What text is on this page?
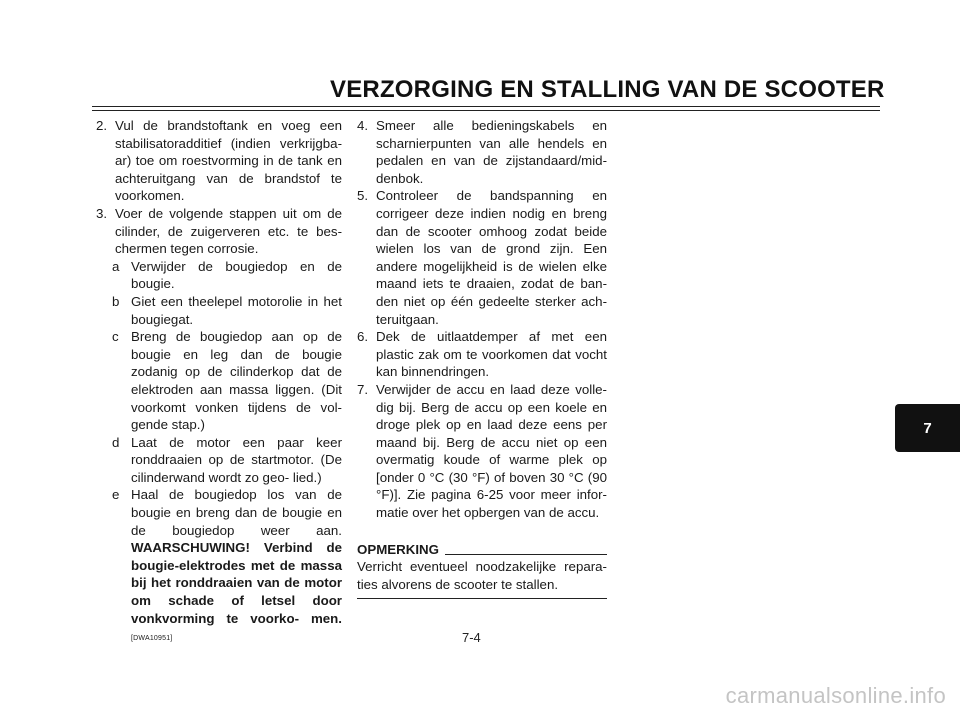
VERZORGING EN STALLING VAN DE SCOOTER
2. Vul de brandstoftank en voeg een stabilisatoradditief (indien verkrijgba- ar) toe om roestvorming in de tank en achteruitgang van de brandstof te voorkomen.
3. Voer de volgende stappen uit om de cilinder, de zuigerveren etc. te bes- chermen tegen corrosie.
a Verwijder de bougiedop en de bougie.
b Giet een theelepel motorolie in het bougiegat.
c Breng de bougiedop aan op de bougie en leg dan de bougie zodanig op de cilinderkop dat de elektroden aan massa liggen. (Dit voorkomt vonken tijdens de vol- gende stap.)
d Laat de motor een paar keer ronddraaien op de startmotor. (De cilinderwand wordt zo geo- lied.)
e Haal de bougiedop los van de bougie en breng dan de bougie en de bougiedop weer aan. WAARSCHUWING! Verbind de bougie-elektrodes met de massa bij het ronddraaien van de motor om schade of letsel door vonkvorming te voorko- men. [DWA10951]
4. Smeer alle bedieningskabels en scharnierpunten van alle hendels en pedalen en van de zijstandaard/mid- denbok.
5. Controleer de bandspanning en corrigeer deze indien nodig en breng dan de scooter omhoog zodat beide wielen los van de grond zijn. Een andere mogelijkheid is de wielen elke maand iets te draaien, zodat de ban- den niet op één gedeelte sterker ach- teruitgaan.
6. Dek de uitlaatdemper af met een plastic zak om te voorkomen dat vocht kan binnendringen.
7. Verwijder de accu en laad deze volle- dig bij. Berg de accu op een koele en droge plek op en laad deze eens per maand bij. Berg de accu niet op een overmatig koude of warme plek op [onder 0 °C (30 °F) of boven 30 °C (90 °F)]. Zie pagina 6-25 voor meer infor- matie over het opbergen van de accu.
OPMERKING
Verricht eventueel noodzakelijke repara- ties alvorens de scooter te stallen.
7
7-4
carmanualsonline.info
